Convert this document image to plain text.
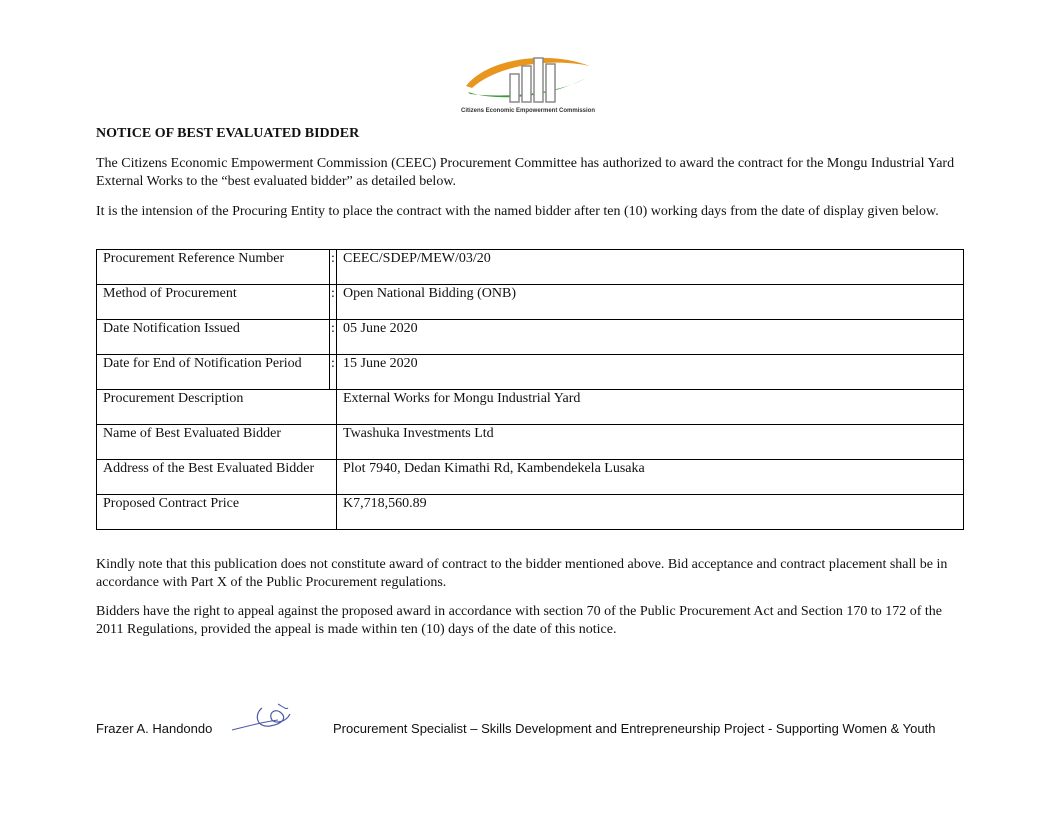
Citizens Economic Empowerment Commission
NOTICE OF BEST EVALUATED BIDDER

The Citizens Economic Empowerment Commission (CEEC) Procurement Committee has authorized to award the contract for the Mongu Industrial Yard External Works to the “best evaluated bidder” as detailed below.

It is the intension of the Procuring Entity to place the contract with the named bidder after ten (10) working days from the date of display given below.

Procurement Reference Number	:	CEEC/SDEP/MEW/03/20
Method of Procurement	:	Open National Bidding (ONB)
Date Notification Issued	:	05 June 2020
Date for End of Notification Period	:	15 June 2020
Procurement Description		External Works for Mongu Industrial Yard
Name of Best Evaluated Bidder		Twashuka Investments Ltd
Address of the Best Evaluated Bidder		Plot 7940, Dedan Kimathi Rd, Kambendekela Lusaka
Proposed Contract Price		K7,718,560.89

Kindly note that this publication does not constitute award of contract to the bidder mentioned above. Bid acceptance and contract placement shall be in accordance with Part X of the Public Procurement regulations.

Bidders have the right to appeal against the proposed award in accordance with section 70 of the Public Procurement Act and Section 170 to 172 of the 2011 Regulations, provided the appeal is made within ten (10) days of the date of this notice.

Frazer A. Handondo	Procurement Specialist – Skills Development and Entrepreneurship Project - Supporting Women & Youth
